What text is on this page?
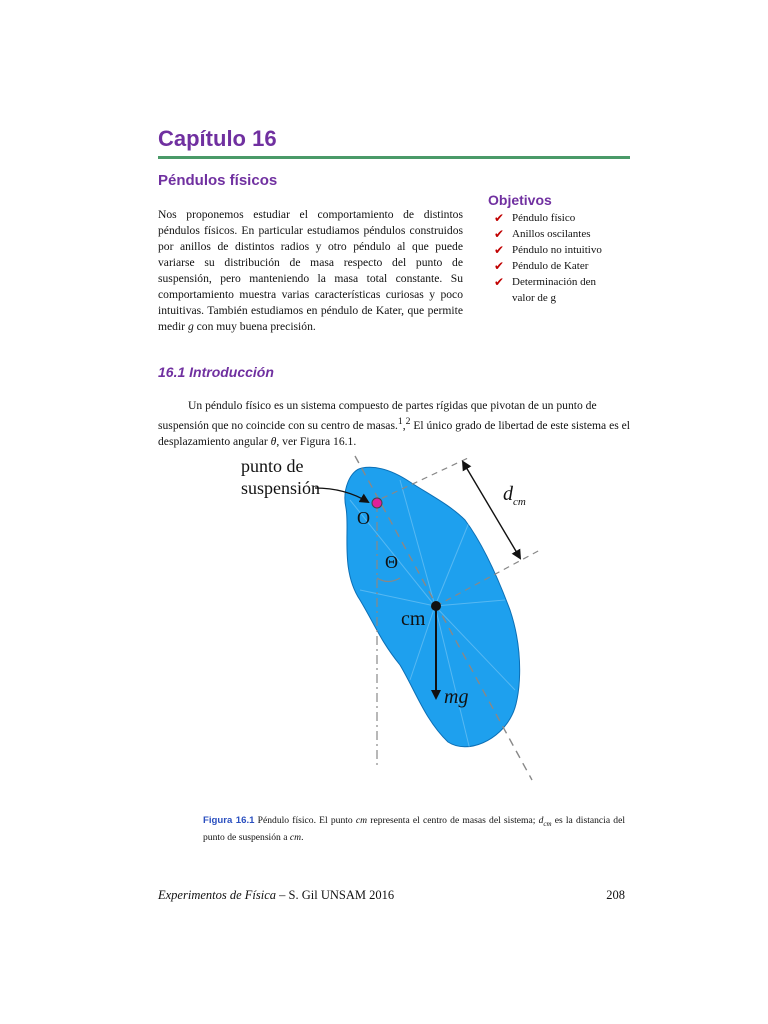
Capítulo 16
Péndulos físicos
Nos proponemos estudiar el comportamiento de distintos péndulos físicos. En particular estudiamos péndulos construidos por anillos de distintos radios y otro péndulo al que puede variarse su distribución de masa respecto del punto de suspensión, pero manteniendo la masa total constante. Su comportamiento muestra varias características curiosas y poco intuitivas. También estudiamos en péndulo de Kater, que permite medir g con muy buena precisión.
Objetivos
✔ Péndulo físico
✔ Anillos oscilantes
✔ Péndulo no intuitivo
✔ Péndulo de Kater
✔ Determinación den valor de g
16.1 Introducción
Un péndulo físico es un sistema compuesto de partes rígidas que pivotan de un punto de suspensión que no coincide con su centro de masas.$^1$,$^2$ El único grado de libertad de este sistema es el desplazamiento angular θ, ver Figura 16.1.
punto de
suspensión
O
Θ
cm
mg
$d_{cm}$
Figura 16.1 Péndulo físico. El punto cm representa el centro de masas del sistema; $d_{cm}$ es la distancia del punto de suspensión a cm.
Experimentos de Física – S. Gil UNSAM 2016	208
